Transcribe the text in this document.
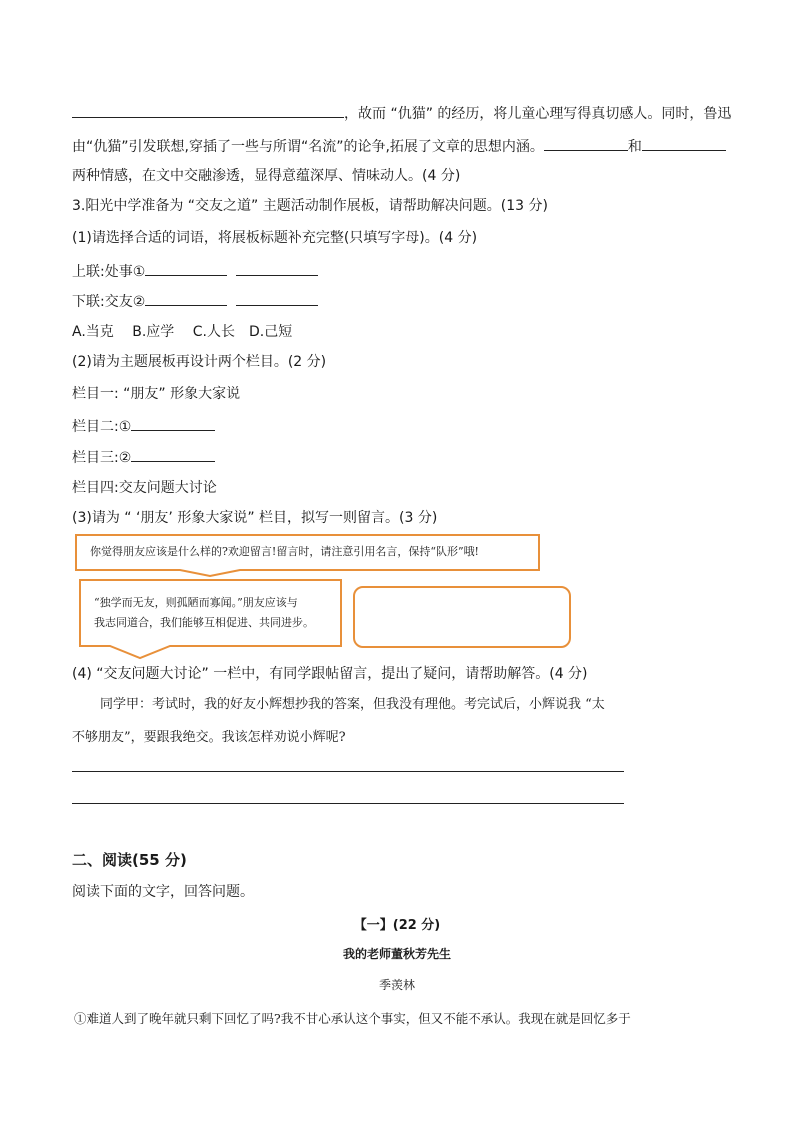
，故而 “仇猫” 的经历，将儿童心理写得真切感人。同时，鲁迅
由“仇猫”引发联想,穿插了一些与所谓“名流”的论争,拓展了文章的思想内涵。	和
两种情感，在文中交融渗透，显得意蕴深厚、情味动人。(4 分)
3.阳光中学准备为 “交友之道” 主题活动制作展板，请帮助解决问题。(13 分)
(1)请选择合适的词语，将展板标题补充完整(只填写字母)。(4 分)
上联:处事①
下联:交友②
A.当克　 B.应学　 C.人长　D.己短
(2)请为主题展板再设计两个栏目。(2 分)
栏目一: “朋友” 形象大家说
栏目二:①
栏目三:②
栏目四:交友问题大讨论
(3)请为 “ ‘朋友’ 形象大家说” 栏目，拟写一则留言。(3 分)
你觉得朋友应该是什么样的?欢迎留言!留言时，请注意引用名言，保持“队形”哦!
“独学而无友，则孤陋而寡闻。”朋友应该与
我志同道合，我们能够互相促进、共同进步。
(4) “交友问题大讨论” 一栏中，有同学跟帖留言，提出了疑问，请帮助解答。(4 分)
同学甲：考试时，我的好友小辉想抄我的答案，但我没有理他。考完试后，小辉说我 “太
不够朋友”，要跟我绝交。我该怎样劝说小辉呢?
二、阅读(55 分)
阅读下面的文字，回答问题。
【一】(22 分)
我的老师董秋芳先生
季羡林
①难道人到了晚年就只剩下回忆了吗?我不甘心承认这个事实，但又不能不承认。我现在就是回忆多于
